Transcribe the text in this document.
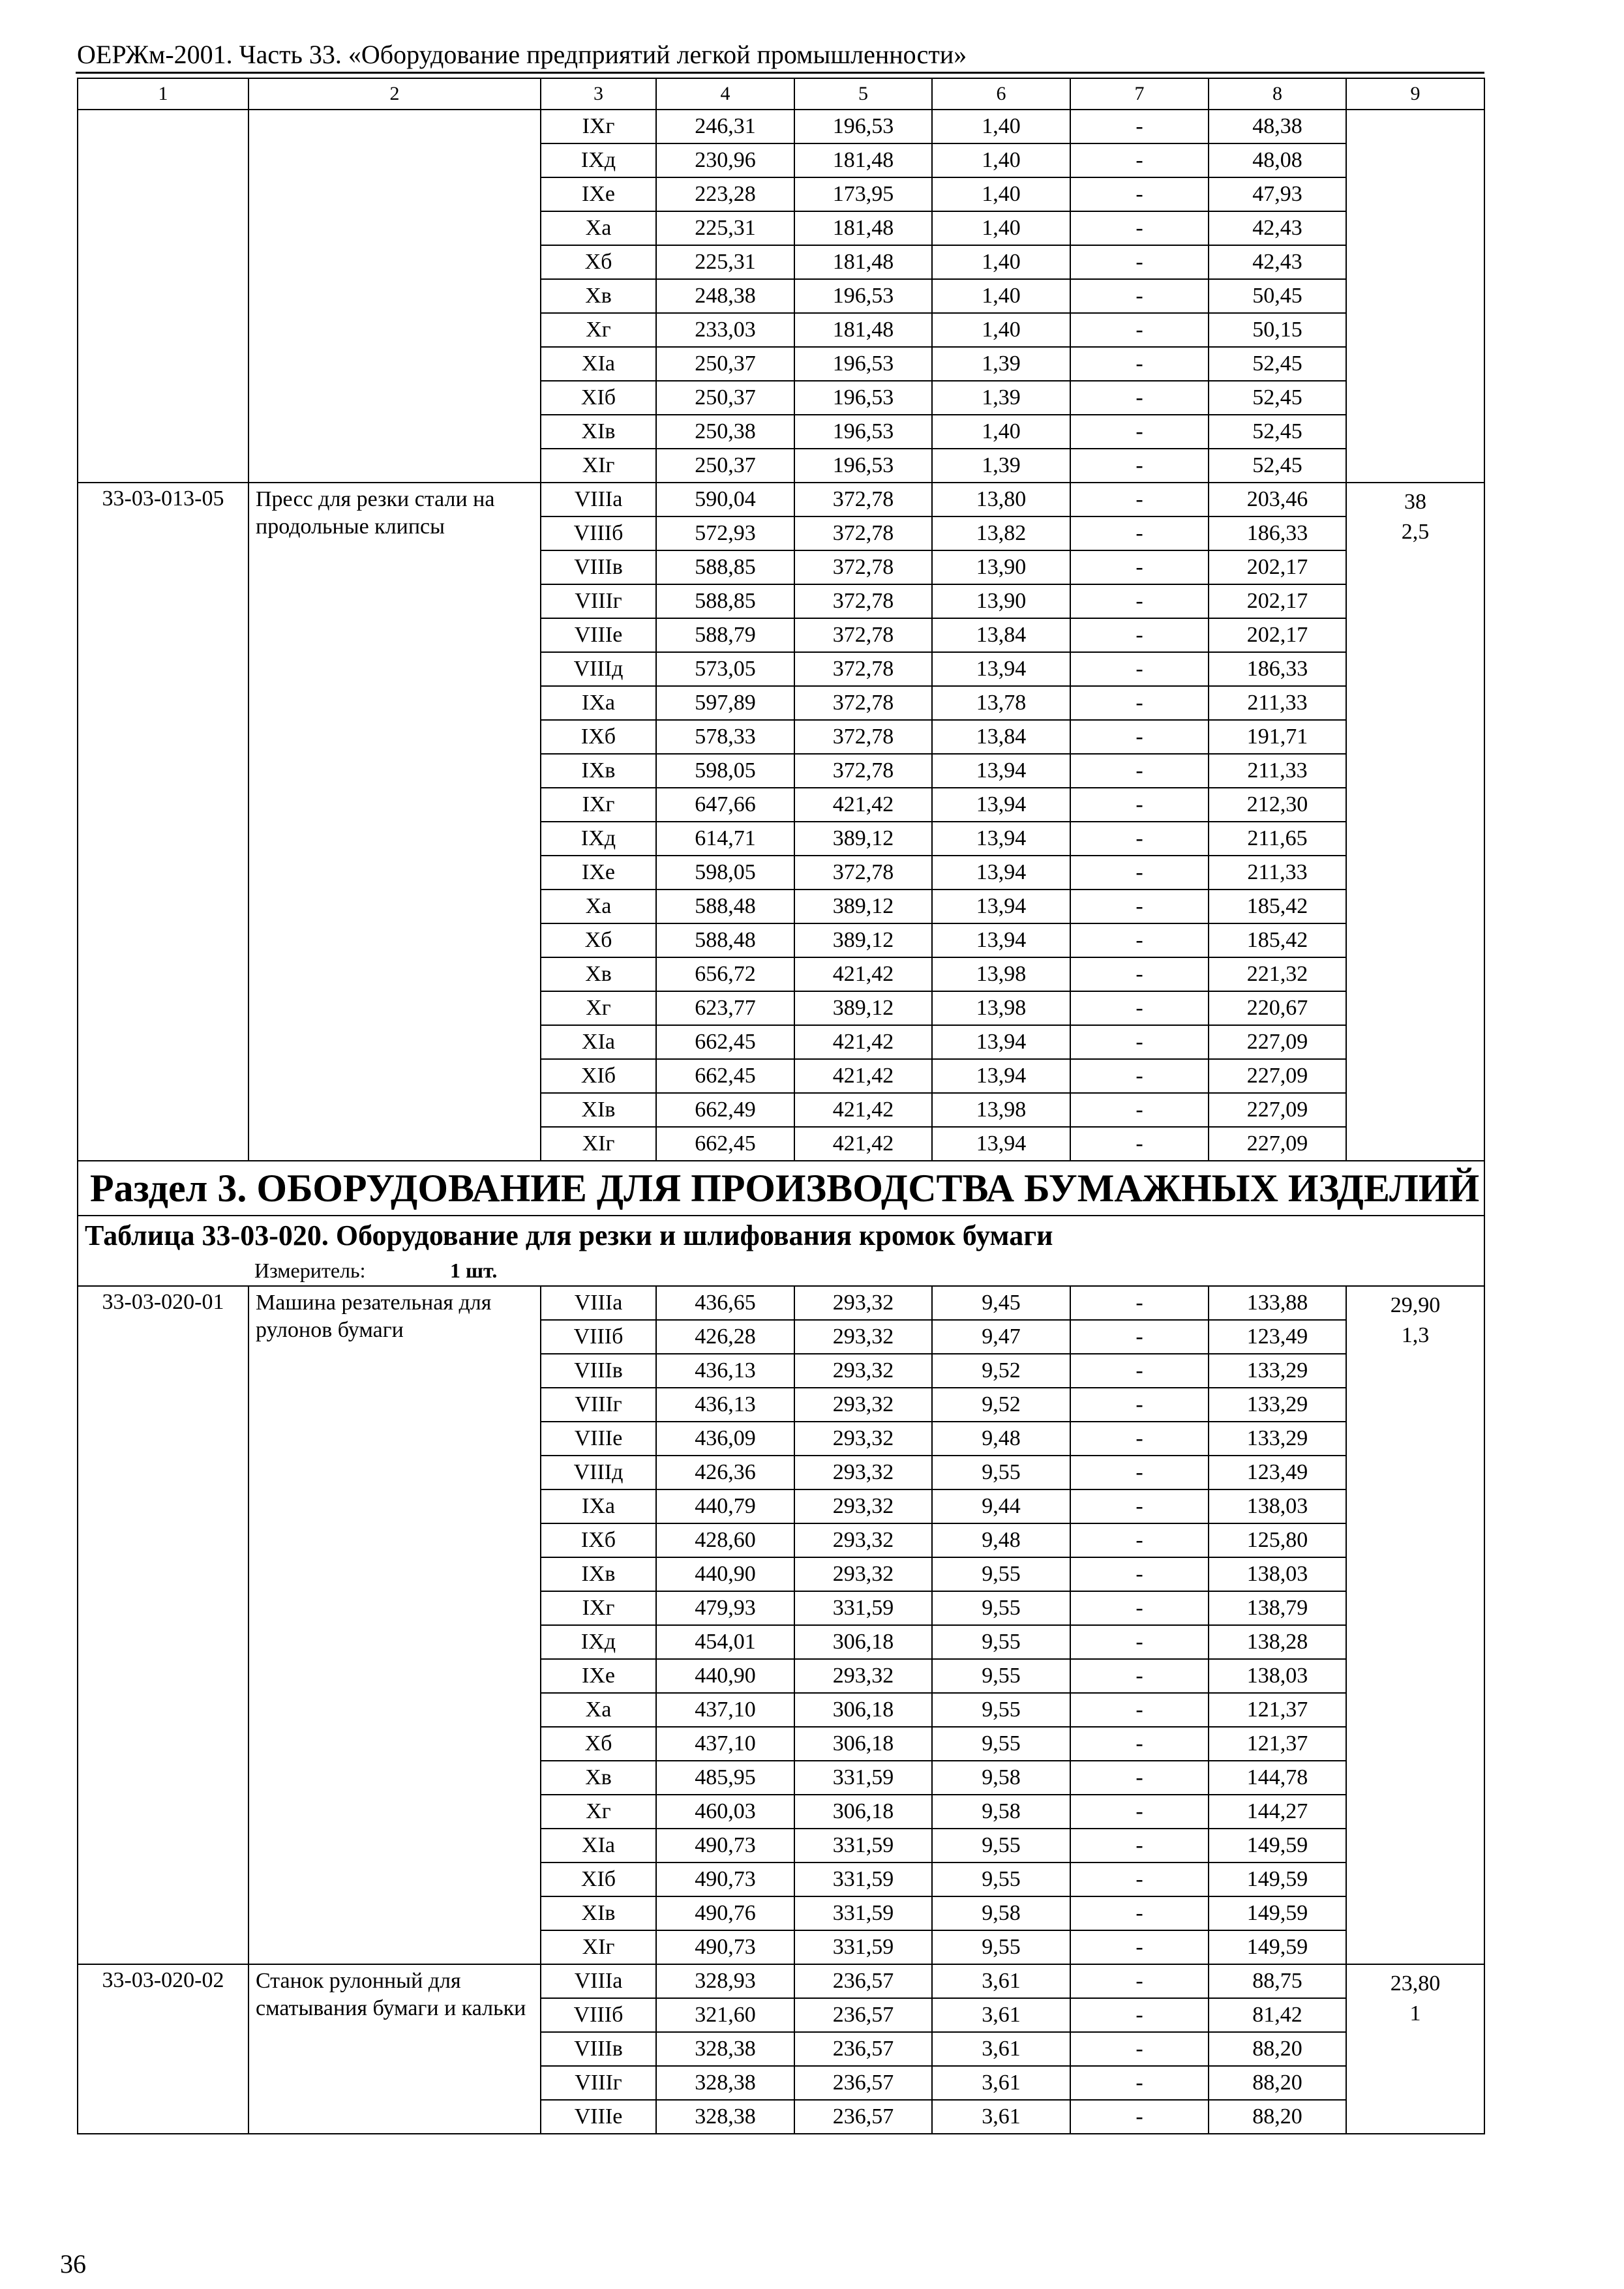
ОЕРЖм-2001. Часть 33. «Оборудование предприятий легкой промышленности»
1	2	3	4	5	6	7	8	9
		IXг	246,31	196,53	1,40	-	48,38	

		IXд	230,96	181,48	1,40	-	48,08	
		IXе	223,28	173,95	1,40	-	47,93	
		Xа	225,31	181,48	1,40	-	42,43	
		Xб	225,31	181,48	1,40	-	42,43	
		Xв	248,38	196,53	1,40	-	50,45	
		Xг	233,03	181,48	1,40	-	50,15	
		XIа	250,37	196,53	1,39	-	52,45	
		XIб	250,37	196,53	1,39	-	52,45	
		XIв	250,38	196,53	1,40	-	52,45	
		XIг	250,37	196,53	1,39	-	52,45	
33-03-013-05	Пресс для резки стали на продольные клипсы	VIIIа	590,04	372,78	13,80	-	203,46	38
2,5

		VIIIб	572,93	372,78	13,82	-	186,33	
		VIIIв	588,85	372,78	13,90	-	202,17	
		VIIIг	588,85	372,78	13,90	-	202,17	
		VIIIе	588,79	372,78	13,84	-	202,17	
		VIIIд	573,05	372,78	13,94	-	186,33	
		IXа	597,89	372,78	13,78	-	211,33	
		IXб	578,33	372,78	13,84	-	191,71	
		IXв	598,05	372,78	13,94	-	211,33	
		IXг	647,66	421,42	13,94	-	212,30	
		IXд	614,71	389,12	13,94	-	211,65	
		IXе	598,05	372,78	13,94	-	211,33	
		Xа	588,48	389,12	13,94	-	185,42	
		Xб	588,48	389,12	13,94	-	185,42	
		Xв	656,72	421,42	13,98	-	221,32	
		Xг	623,77	389,12	13,98	-	220,67	
		XIа	662,45	421,42	13,94	-	227,09	
		XIб	662,45	421,42	13,94	-	227,09	
		XIв	662,49	421,42	13,98	-	227,09	
		XIг	662,45	421,42	13,94	-	227,09	
Раздел 3. ОБОРУДОВАНИЕ ДЛЯ ПРОИЗВОДСТВА БУМАЖНЫХ ИЗДЕЛИЙ								
Таблица 33-03-020. Оборудование для резки и шлифования кромок бумаги								
Измеритель: 1 шт.								
33-03-020-01	Машина резательная для рулонов бумаги	VIIIа	436,65	293,32	9,45	-	133,88	29,90
1,3

		VIIIб	426,28	293,32	9,47	-	123,49	
		VIIIв	436,13	293,32	9,52	-	133,29	
		VIIIг	436,13	293,32	9,52	-	133,29	
		VIIIе	436,09	293,32	9,48	-	133,29	
		VIIIд	426,36	293,32	9,55	-	123,49	
		IXа	440,79	293,32	9,44	-	138,03	
		IXб	428,60	293,32	9,48	-	125,80	
		IXв	440,90	293,32	9,55	-	138,03	
		IXг	479,93	331,59	9,55	-	138,79	
		IXд	454,01	306,18	9,55	-	138,28	
		IXе	440,90	293,32	9,55	-	138,03	
		Xа	437,10	306,18	9,55	-	121,37	
		Xб	437,10	306,18	9,55	-	121,37	
		Xв	485,95	331,59	9,58	-	144,78	
		Xг	460,03	306,18	9,58	-	144,27	
		XIа	490,73	331,59	9,55	-	149,59	
		XIб	490,73	331,59	9,55	-	149,59	
		XIв	490,76	331,59	9,58	-	149,59	
		XIг	490,73	331,59	9,55	-	149,59	
33-03-020-02	Станок рулонный для сматывания бумаги и кальки	VIIIа	328,93	236,57	3,61	-	88,75	23,80
1

		VIIIб	321,60	236,57	3,61	-	81,42	
		VIIIв	328,38	236,57	3,61	-	88,20	
		VIIIг	328,38	236,57	3,61	-	88,20	
		VIIIе	328,38	236,57	3,61	-	88,20	
36
